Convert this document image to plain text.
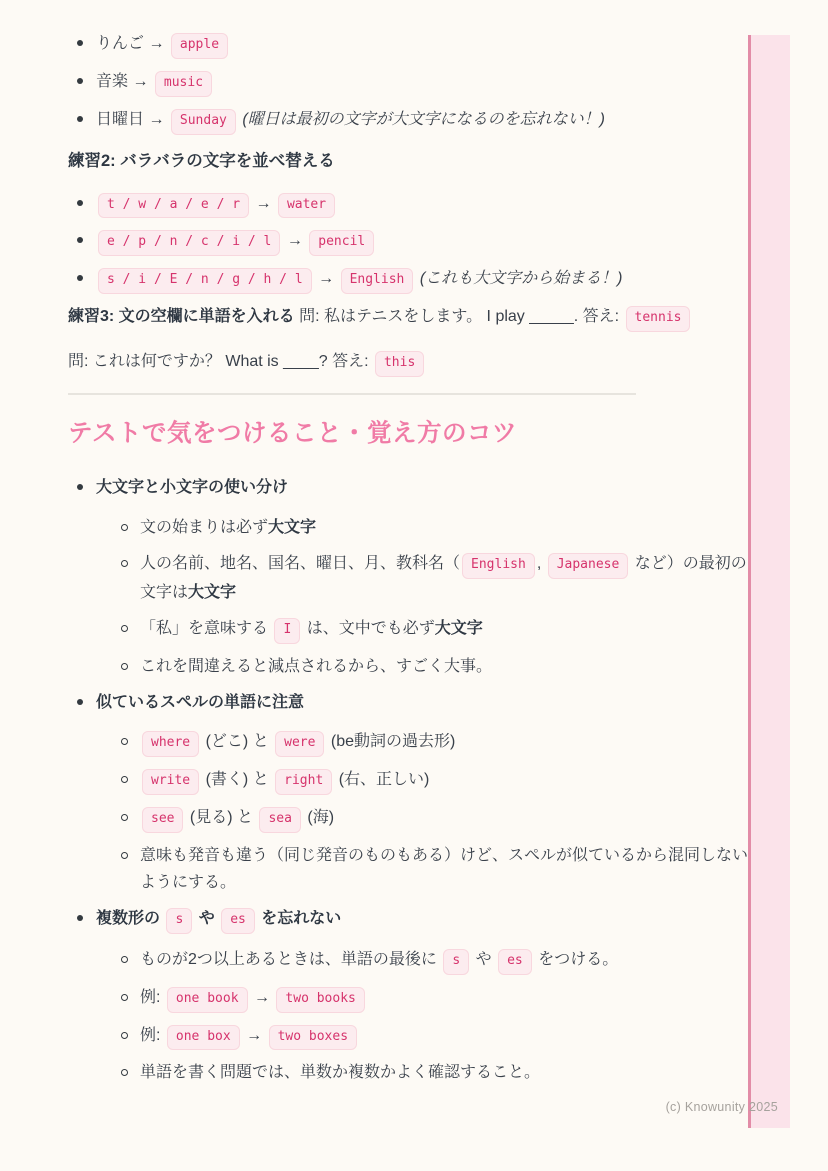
りんご → apple
音楽 → music
日曜日 → Sunday (曜日は最初の文字が大文字になるのを忘れない！)
練習2: バラバラの文字を並べ替える
t / w / a / e / r → water
e / p / n / c / i / l → pencil
s / i / E / n / g / h / l → English (これも大文字から始まる！)
練習3: 文の空欄に単語を入れる 問: 私はテニスをします。 I play _____. 答え: tennis
問: これは何ですか？ What is ____? 答え: this
テストで気をつけること・覚え方のコツ
大文字と小文字の使い分け
文の始まりは必ず大文字
人の名前、地名、国名、曜日、月、教科名（ English , Japanese など）の最初の文字は大文字
「私」を意味する I は、文中でも必ず大文字
これを間違えると減点されるから、すごく大事。
似ているスペルの単語に注意
where (どこ) と were (be動詞の過去形)
write (書く) と right (右、正しい)
see (見る) と sea (海)
意味も発音も違う（同じ発音のものもある）けど、スペルが似ているから混同しないようにする。
複数形の s や es を忘れない
ものが2つ以上あるときは、単語の最後に s や es をつける。
例: one book → two books
例: one box → two boxes
単語を書く問題では、単数か複数かよく確認すること。
(c) Knowunity 2025
